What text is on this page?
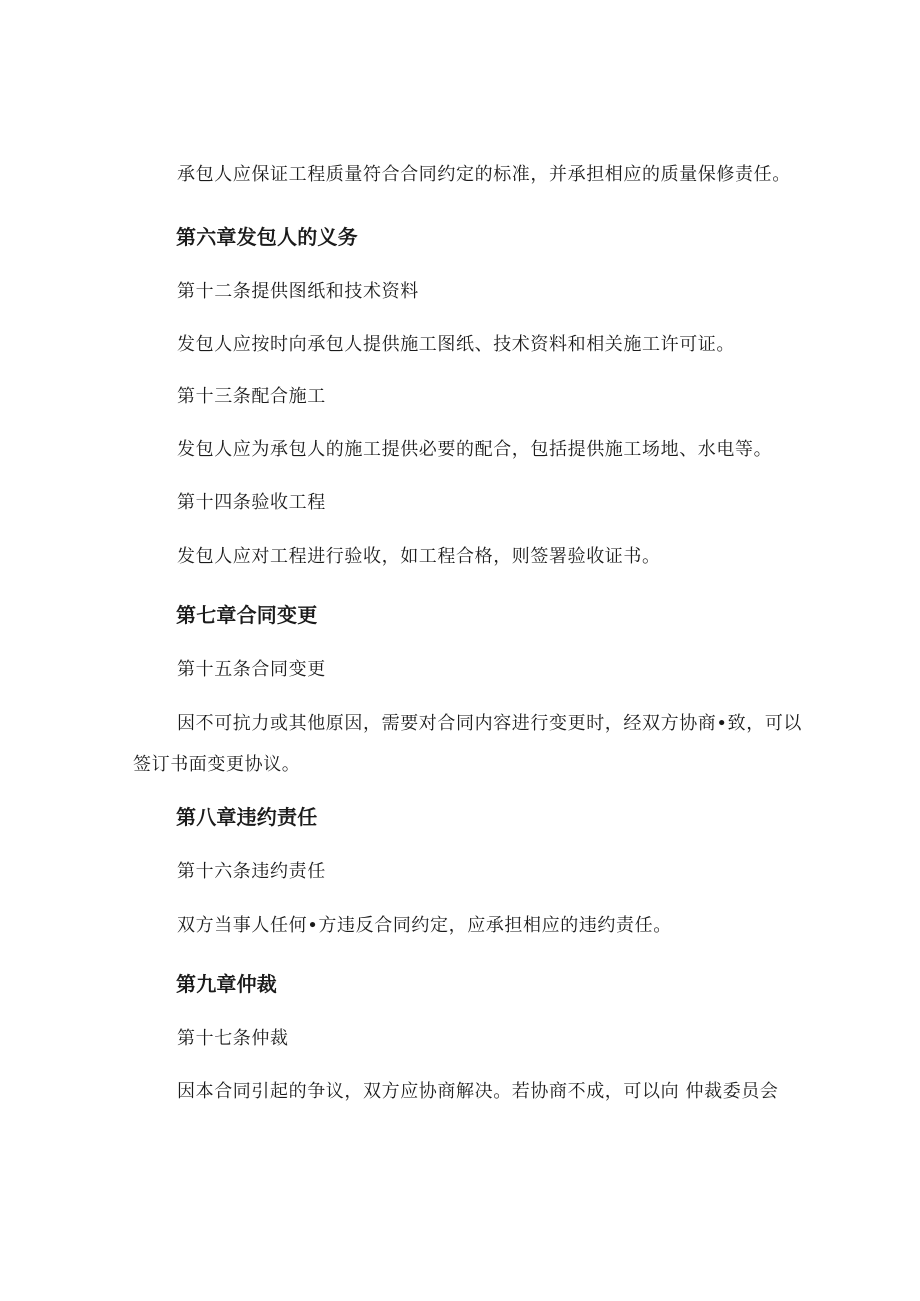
承包人应保证工程质量符合合同约定的标准，并承担相应的质量保修责任。

第六章发包人的义务

第十二条提供图纸和技术资料

发包人应按时向承包人提供施工图纸、技术资料和相关施工许可证。

第十三条配合施工

发包人应为承包人的施工提供必要的配合，包括提供施工场地、水电等。

第十四条验收工程

发包人应对工程进行验收，如工程合格，则签署验收证书。

第七章合同变更

第十五条合同变更

因不可抗力或其他原因，需要对合同内容进行变更时，经双方协商•致，可以

签订书面变更协议。

第八章违约责任

第十六条违约责任

双方当事人任何•方违反合同约定，应承担相应的违约责任。

第九章仲裁

第十七条仲裁

因本合同引起的争议，双方应协商解决。若协商不成，可以向 仲裁委员会
